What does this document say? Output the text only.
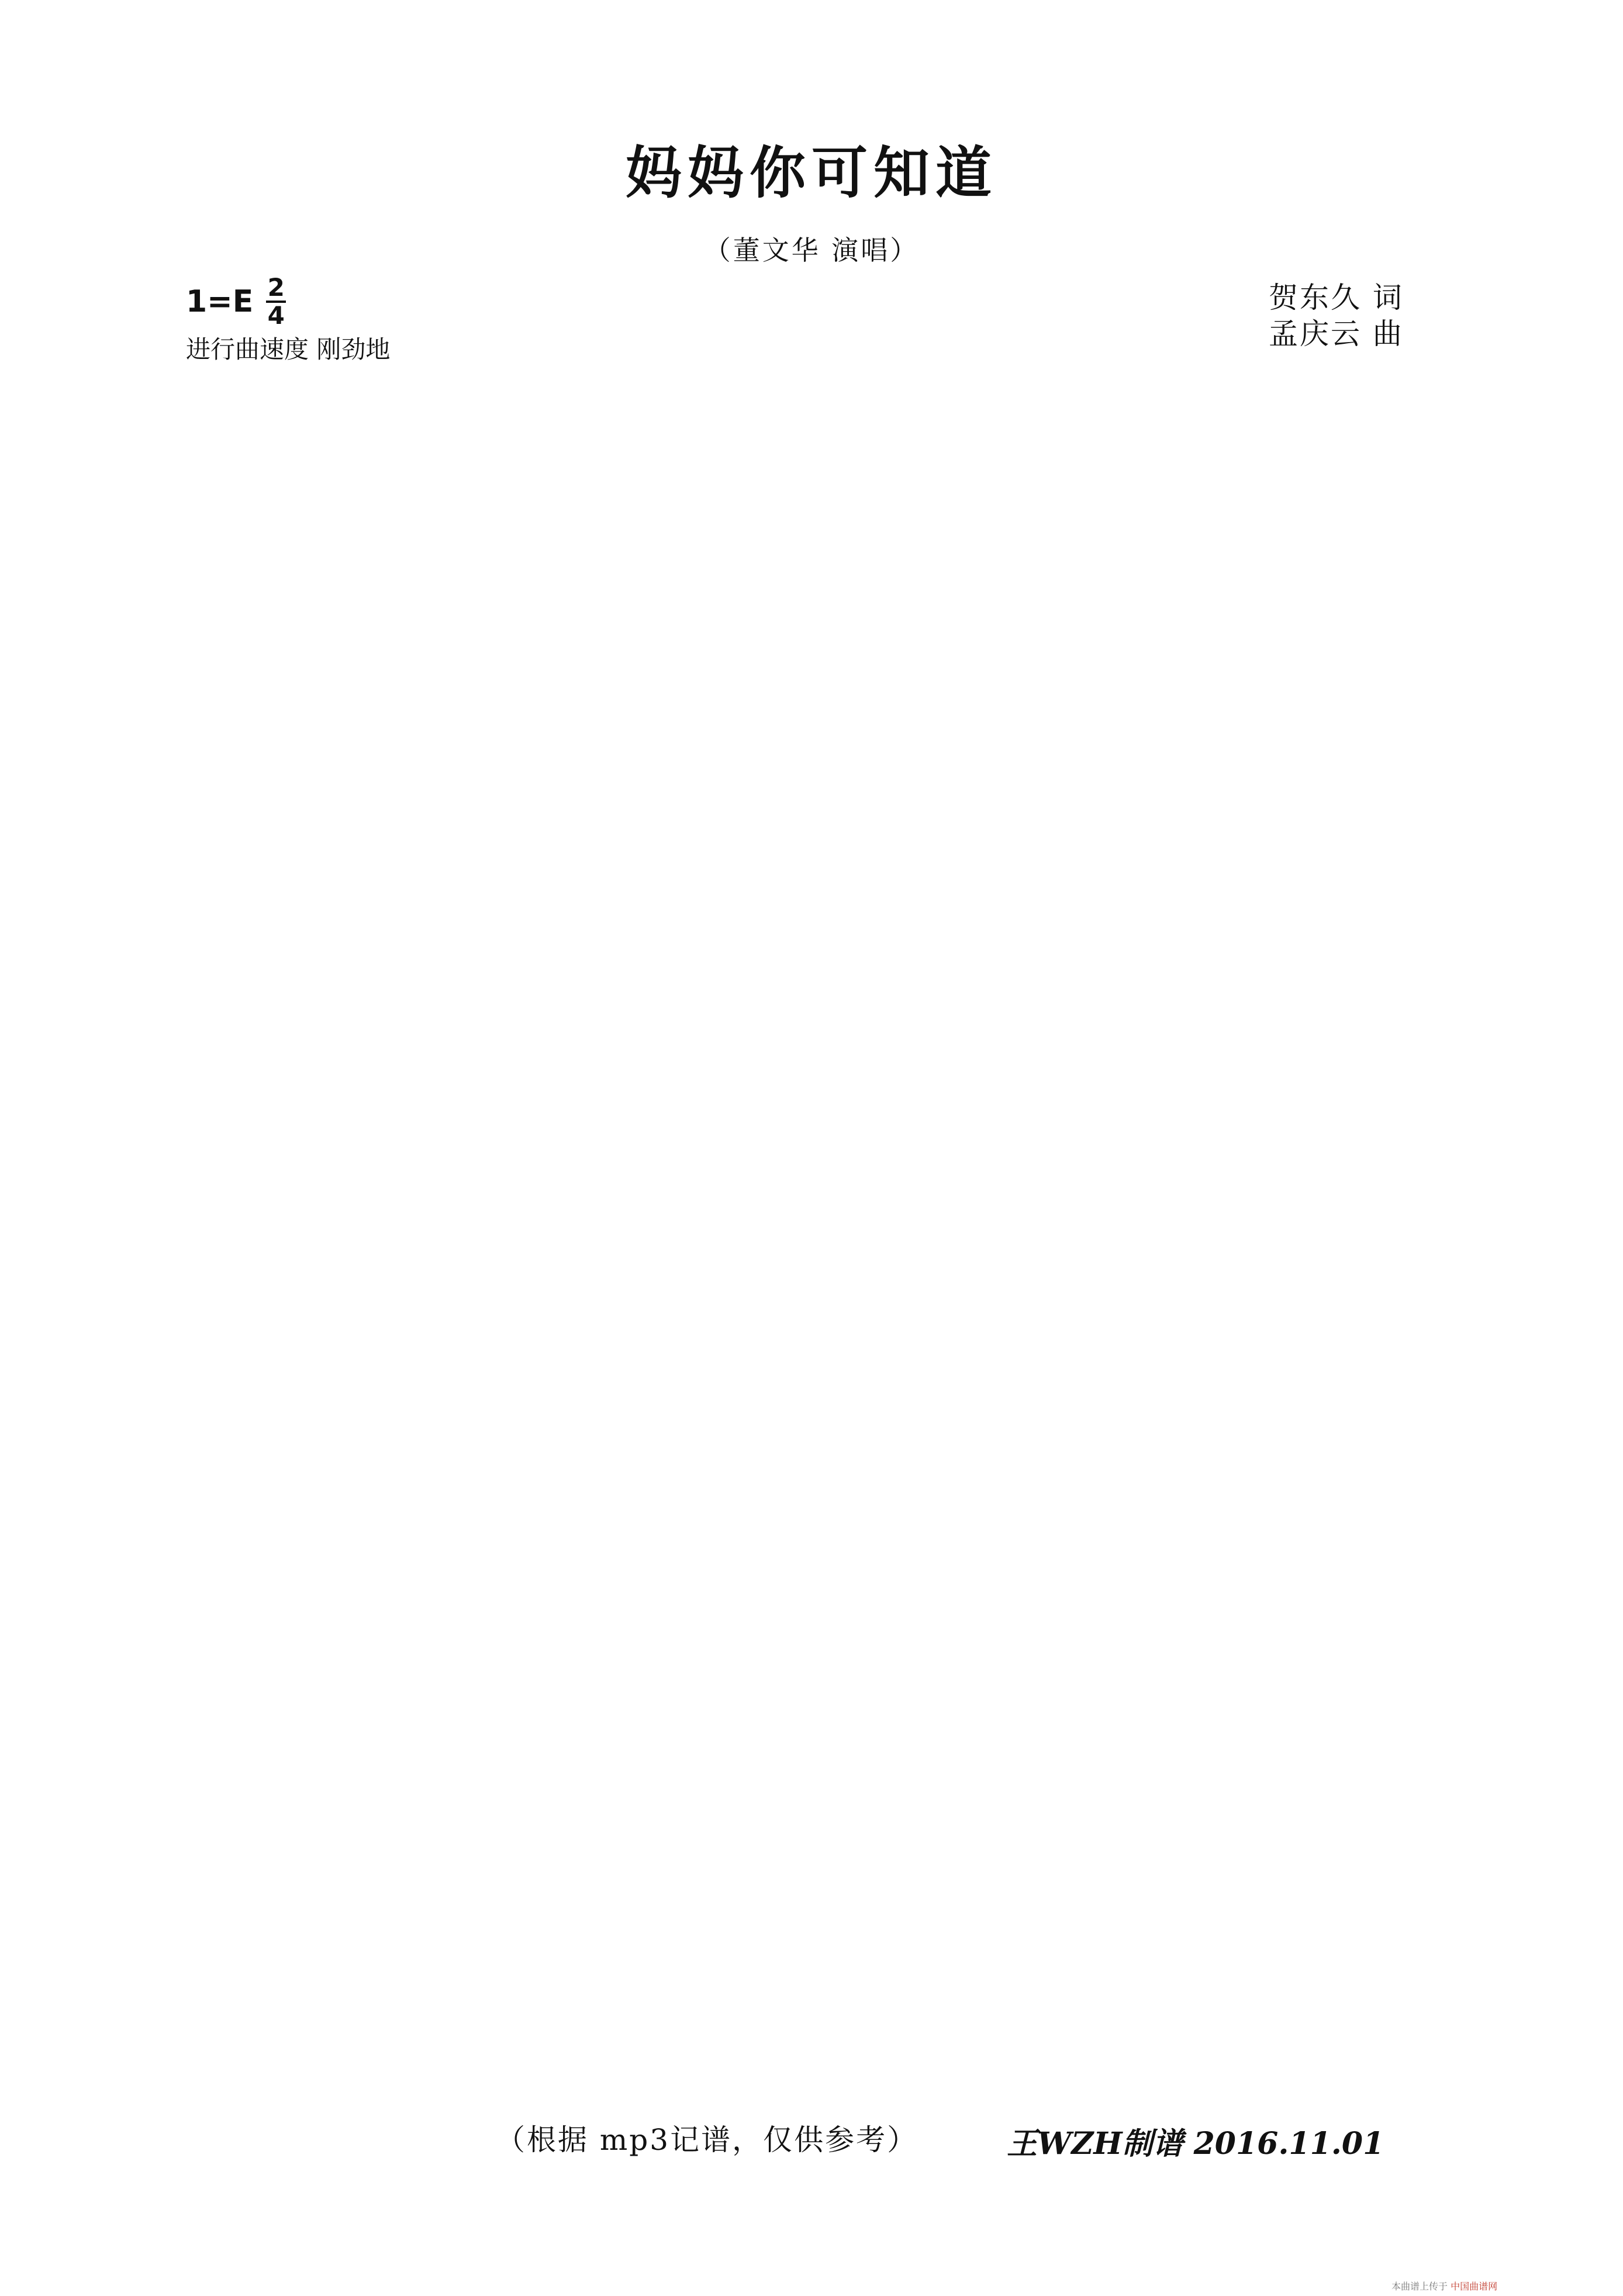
妈妈你可知道
（董文华 演唱）
1=E 2
4
进行曲速度 刚劲地
贺东久 词
孟庆云 曲
（根据 mp3记谱，仅供参考）	王WZH制谱 2016.11.01
本曲谱上传于 中国曲谱网
